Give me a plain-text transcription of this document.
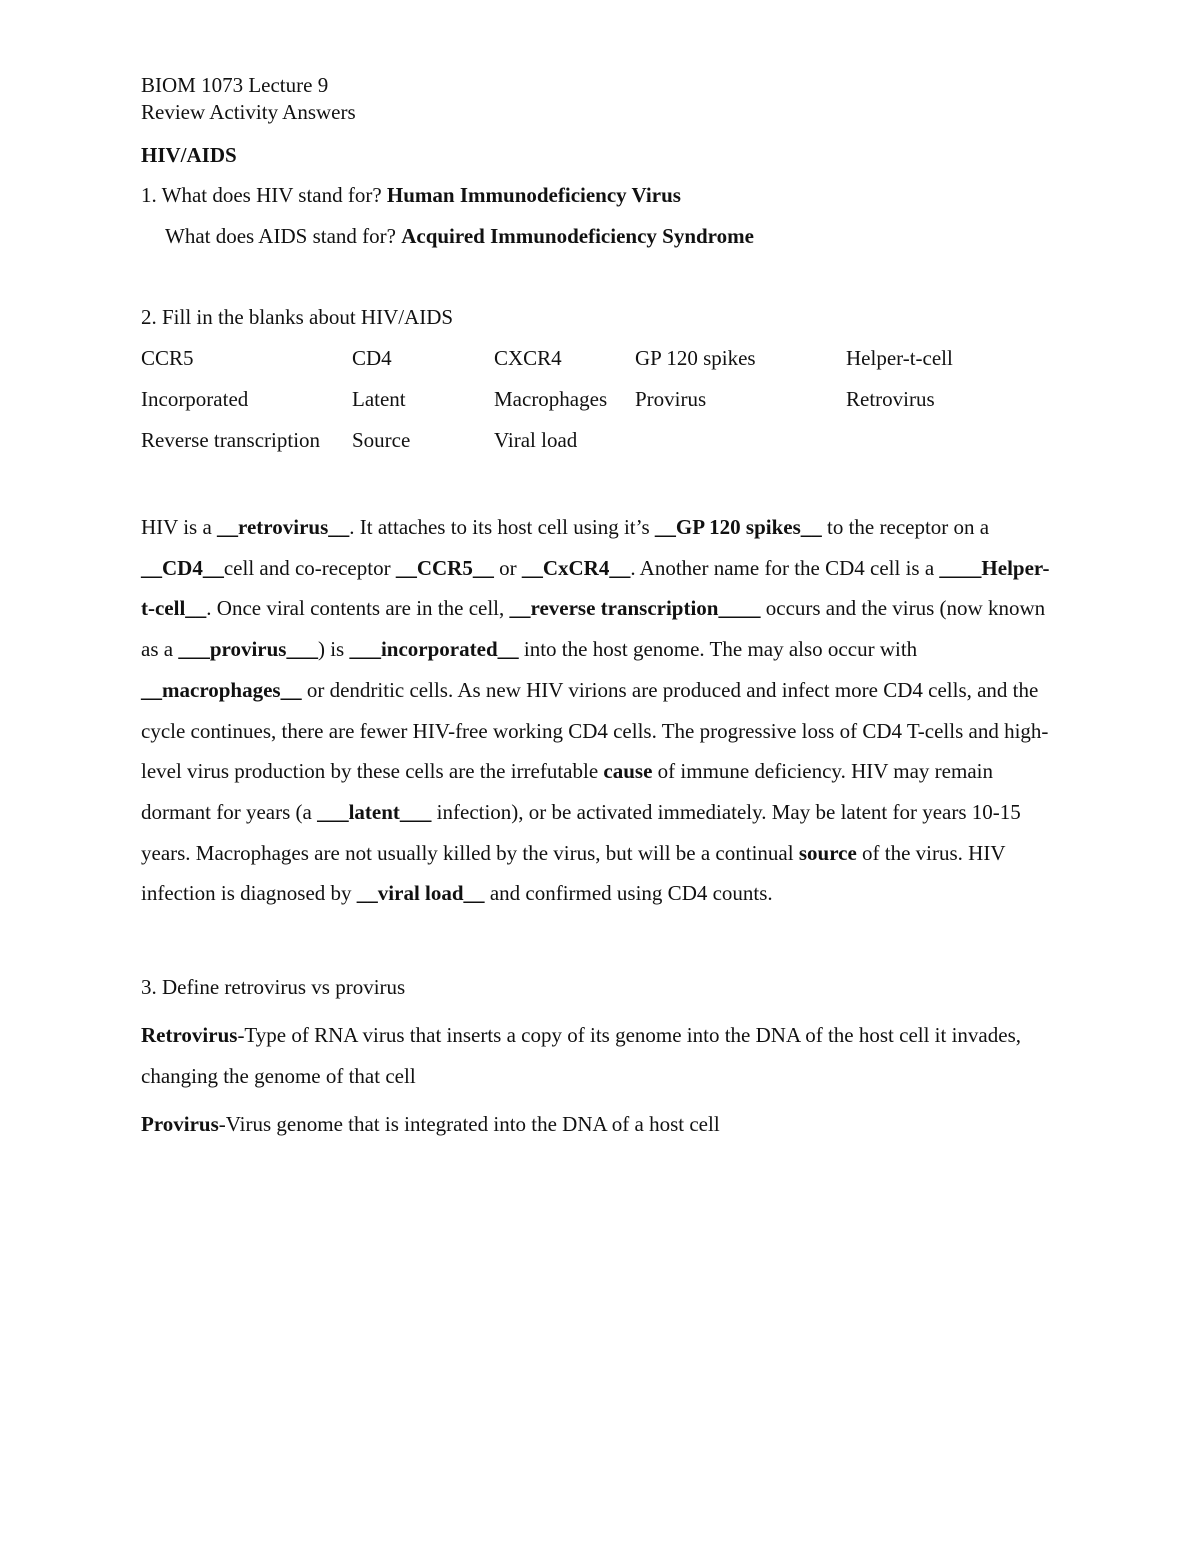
BIOM 1073 Lecture 9
Review Activity Answers
HIV/AIDS
1. What does HIV stand for? Human Immunodeficiency Virus
What does AIDS stand for? Acquired Immunodeficiency Syndrome
2. Fill in the blanks about HIV/AIDS
CCR5	CD4	CXCR4	GP 120 spikes	Helper-t-cell
Incorporated	Latent	Macrophages	Provirus	Retrovirus
Reverse transcription	Source	Viral load		
HIV is a __retrovirus__. It attaches to its host cell using it’s __GP 120 spikes__ to the receptor on a __CD4__cell and co-receptor __CCR5__ or __CxCR4__. Another name for the CD4 cell is a ____Helper-t-cell__. Once viral contents are in the cell, __reverse transcription____ occurs and the virus (now known as a ___provirus___) is ___incorporated__ into the host genome. The may also occur with __macrophages__ or dendritic cells. As new HIV virions are produced and infect more CD4 cells, and the cycle continues, there are fewer HIV-free working CD4 cells. The progressive loss of CD4 T-cells and high-level virus production by these cells are the irrefutable cause of immune deficiency. HIV may remain dormant for years (a ___latent___ infection), or be activated immediately. May be latent for years 10-15 years. Macrophages are not usually killed by the virus, but will be a continual source of the virus. HIV infection is diagnosed by __viral load__ and confirmed using CD4 counts.
3. Define retrovirus vs provirus
Retrovirus-Type of RNA virus that inserts a copy of its genome into the DNA of the host cell it invades, changing the genome of that cell
Provirus-Virus genome that is integrated into the DNA of a host cell
